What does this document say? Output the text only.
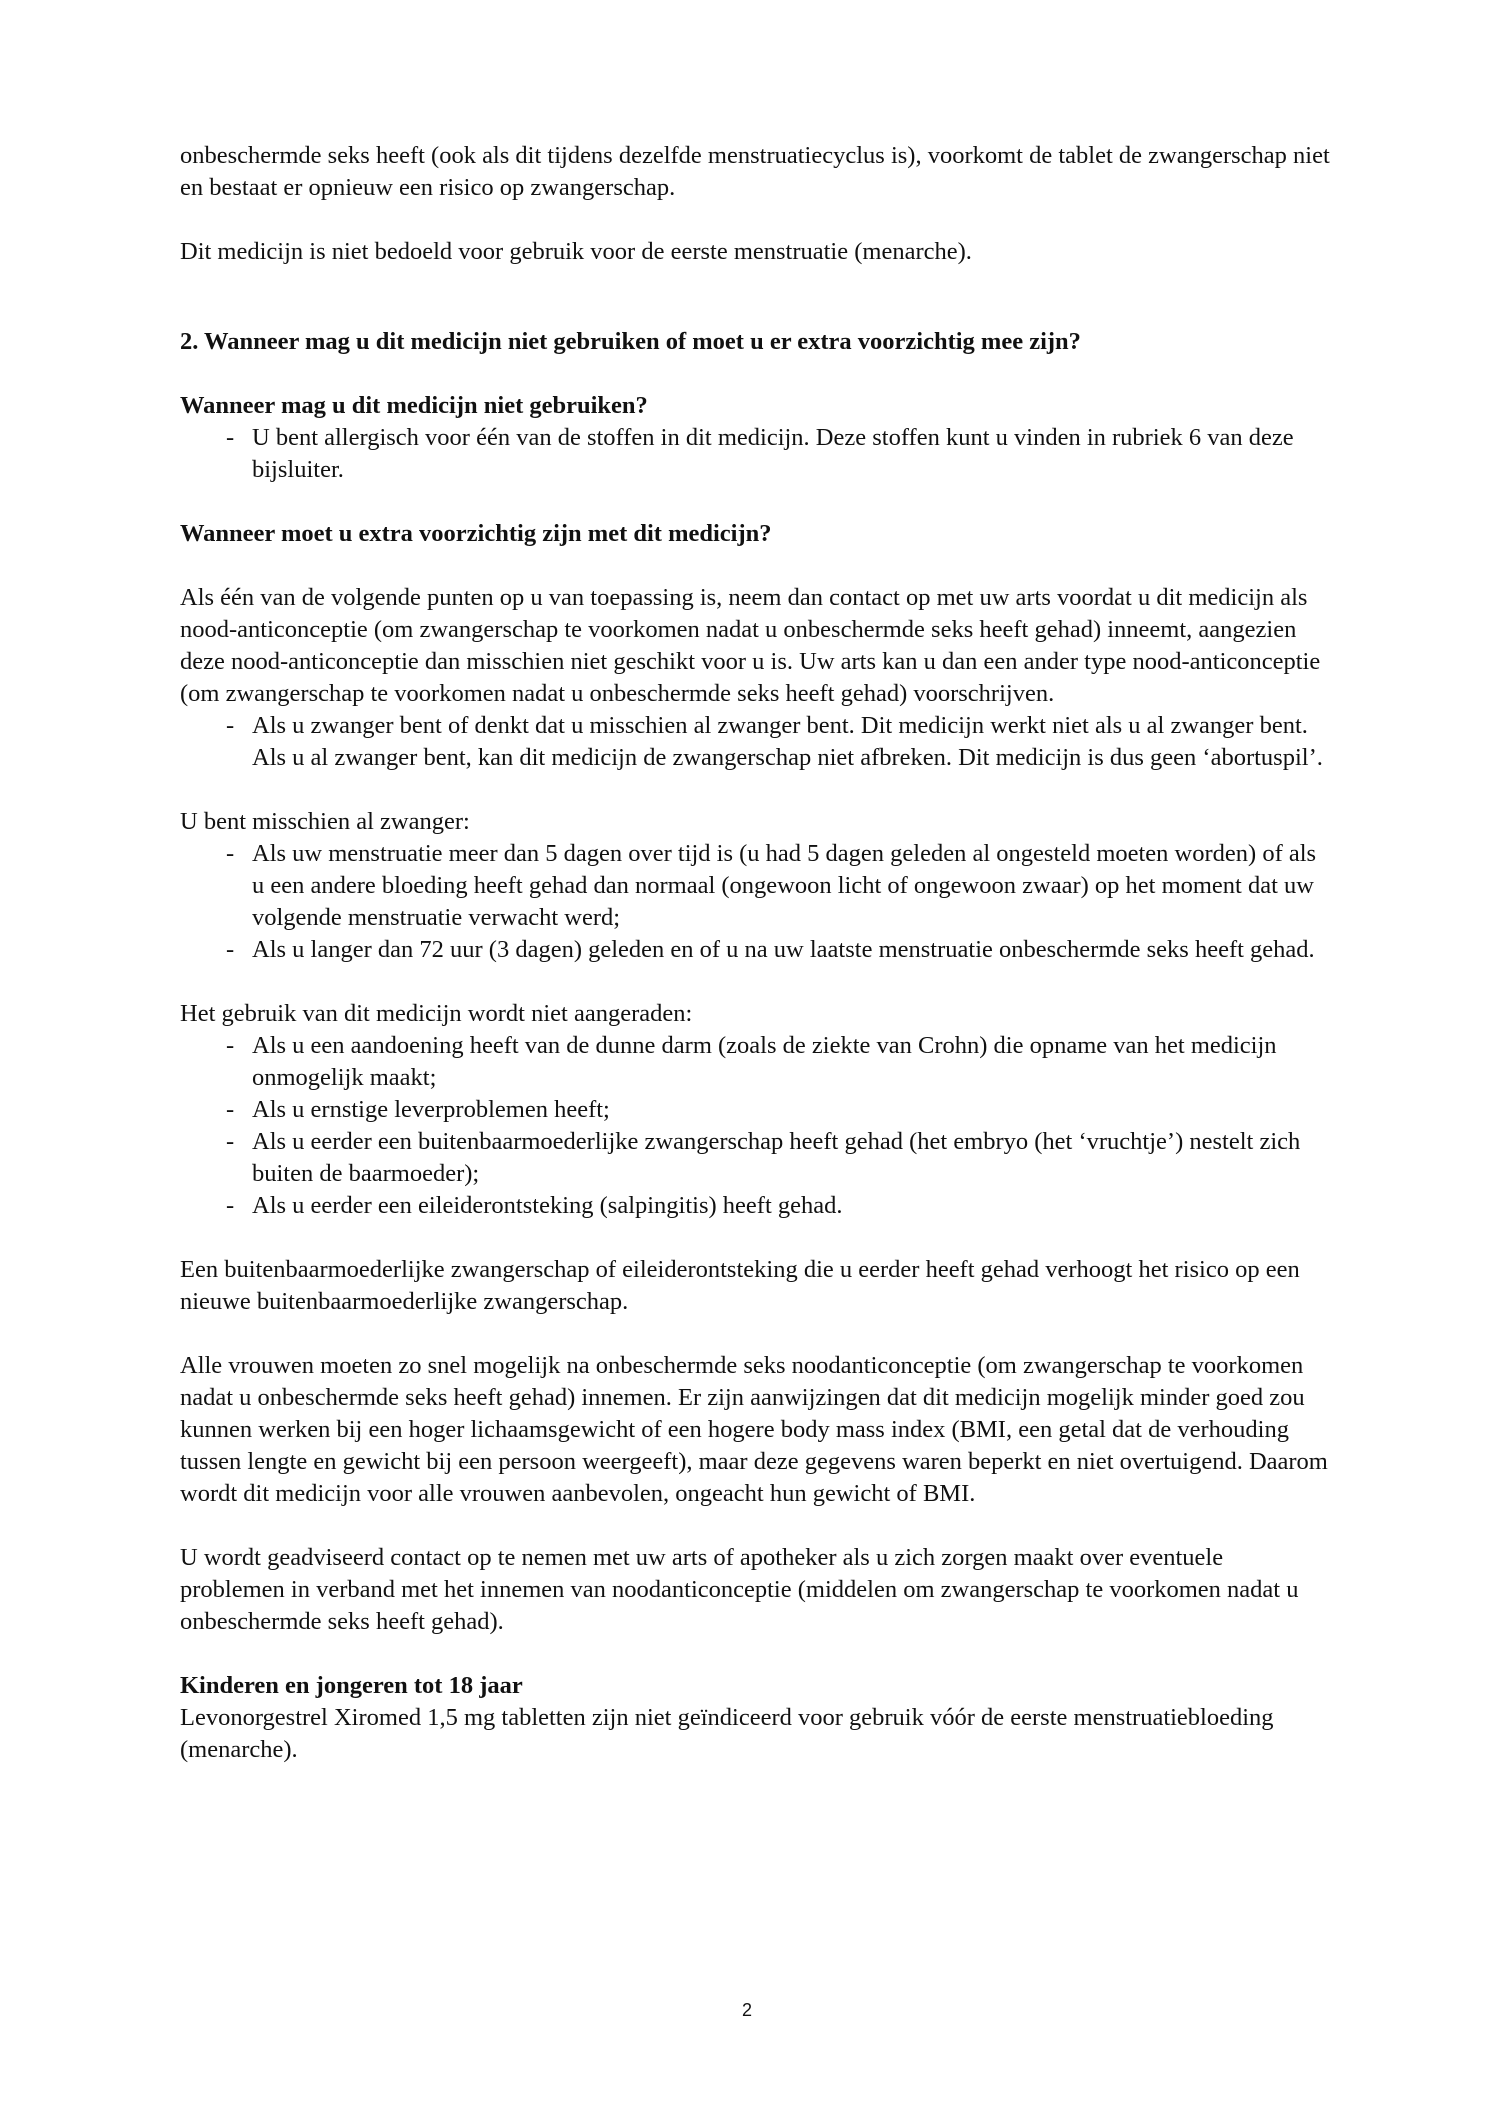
onbeschermde seks heeft (ook als dit tijdens dezelfde menstruatiecyclus is), voorkomt de tablet de zwangerschap niet en bestaat er opnieuw een risico op zwangerschap.

Dit medicijn is niet bedoeld voor gebruik voor de eerste menstruatie (menarche).

2. Wanneer mag u dit medicijn niet gebruiken of moet u er extra voorzichtig mee zijn?
Wanneer mag u dit medicijn niet gebruiken?
- U bent allergisch voor één van de stoffen in dit medicijn. Deze stoffen kunt u vinden in rubriek 6 van deze bijsluiter.
Wanneer moet u extra voorzichtig zijn met dit medicijn?

Als één van de volgende punten op u van toepassing is, neem dan contact op met uw arts voordat u dit medicijn als nood-anticonceptie (om zwangerschap te voorkomen nadat u onbeschermde seks heeft gehad) inneemt, aangezien deze nood-anticonceptie dan misschien niet geschikt voor u is. Uw arts kan u dan een ander type nood-anticonceptie (om zwangerschap te voorkomen nadat u onbeschermde seks heeft gehad) voorschrijven.

- Als u zwanger bent of denkt dat u misschien al zwanger bent. Dit medicijn werkt niet als u al zwanger bent. Als u al zwanger bent, kan dit medicijn de zwangerschap niet afbreken. Dit medicijn is dus geen ‘abortuspil’.

U bent misschien al zwanger:

- Als uw menstruatie meer dan 5 dagen over tijd is (u had 5 dagen geleden al ongesteld moeten worden) of als u een andere bloeding heeft gehad dan normaal (ongewoon licht of ongewoon zwaar) op het moment dat uw volgende menstruatie verwacht werd;
- Als u langer dan 72 uur (3 dagen) geleden en of u na uw laatste menstruatie onbeschermde seks heeft gehad.

Het gebruik van dit medicijn wordt niet aangeraden:

- Als u een aandoening heeft van de dunne darm (zoals de ziekte van Crohn) die opname van het medicijn onmogelijk maakt;
- Als u ernstige leverproblemen heeft;
- Als u eerder een buitenbaarmoederlijke zwangerschap heeft gehad (het embryo (het ‘vruchtje’) nestelt zich buiten de baarmoeder);
- Als u eerder een eileiderontsteking (salpingitis) heeft gehad.

Een buitenbaarmoederlijke zwangerschap of eileiderontsteking die u eerder heeft gehad verhoogt het risico op een nieuwe buitenbaarmoederlijke zwangerschap.

Alle vrouwen moeten zo snel mogelijk na onbeschermde seks noodanticonceptie (om zwangerschap te voorkomen nadat u onbeschermde seks heeft gehad) innemen. Er zijn aanwijzingen dat dit medicijn mogelijk minder goed zou kunnen werken bij een hoger lichaamsgewicht of een hogere body mass index (BMI, een getal dat de verhouding tussen lengte en gewicht bij een persoon weergeeft), maar deze gegevens waren beperkt en niet overtuigend. Daarom wordt dit medicijn voor alle vrouwen aanbevolen, ongeacht hun gewicht of BMI.

U wordt geadviseerd contact op te nemen met uw arts of apotheker als u zich zorgen maakt over eventuele problemen in verband met het innemen van noodanticonceptie (middelen om zwangerschap te voorkomen nadat u onbeschermde seks heeft gehad).

Kinderen en jongeren tot 18 jaar

Levonorgestrel Xiromed 1,5 mg tabletten zijn niet geïndiceerd voor gebruik vóór de eerste menstruatiebloeding (menarche).

2
